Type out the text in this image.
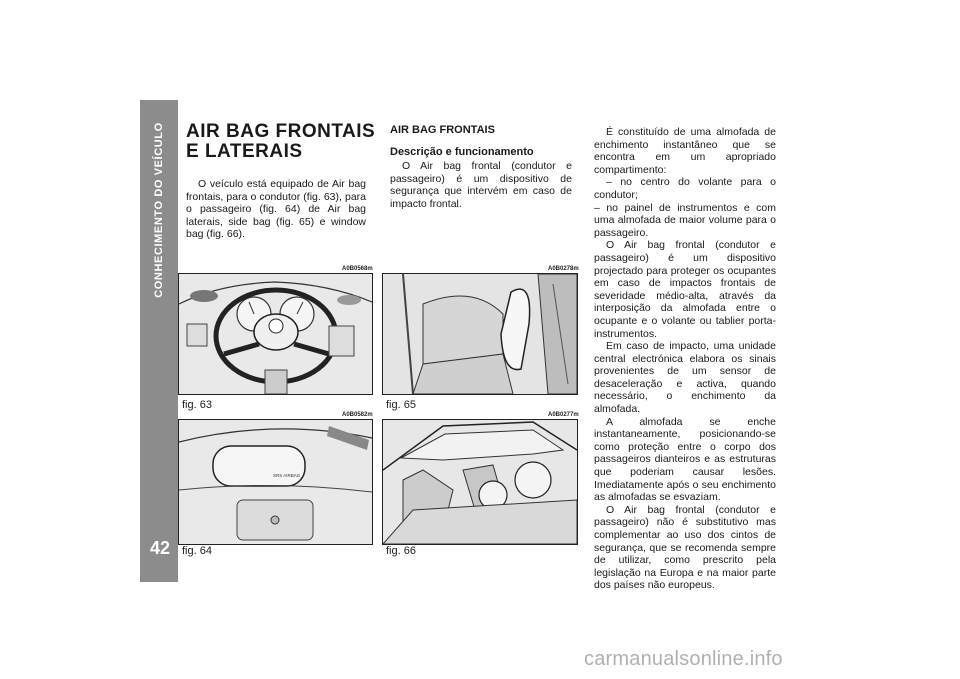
CONHECIMENTO DO VEÍCULO
42
AIR BAG FRONTAIS
E LATERAIS

O veículo está equipado de Air bag frontais, para o condutor (fig. 63), para o passageiro (fig. 64) de Air bag laterais, side bag (fig. 65) e window bag (fig. 66).

AIR BAG FRONTAIS

Descrição e funcionamento

O Air bag frontal (condutor e passageiro) é um dispositivo de segurança que intervém em caso de impacto frontal.

É constituído de uma almofada de enchimento instantâneo que se encontra em um apropriado compartimento:

– no centro do volante para o condutor;

– no painel de instrumentos e com uma almofada de maior volume para o passageiro.

O Air bag frontal (condutor e passageiro) é um dispositivo projectado para proteger os ocupantes em caso de impactos frontais de severidade médio-alta, através da interposição da almofada entre o ocupante e o volante ou tablier porta-instrumentos.

Em caso de impacto, uma unidade central electrónica elabora os sinais provenientes de um sensor de desaceleração e activa, quando necessário, o enchimento da almofada.

A almofada se enche instantaneamente, posicionando-se como proteção entre o corpo dos passageiros dianteiros e as estruturas que poderiam causar lesões. Imediatamente após o seu enchimento as almofadas se esvaziam.

O Air bag frontal (condutor e passageiro) não é substitutivo mas complementar ao uso dos cintos de segurança, que se recomenda sempre de utilizar, como prescrito pela legislação na Europa e na maior parte dos países não europeus.

A0B0568m
fig. 63
A0B0278m
fig. 65
A0B0582m
SRS AIRBAG
fig. 64
A0B0277m
fig. 66
carmanualsonline.info
